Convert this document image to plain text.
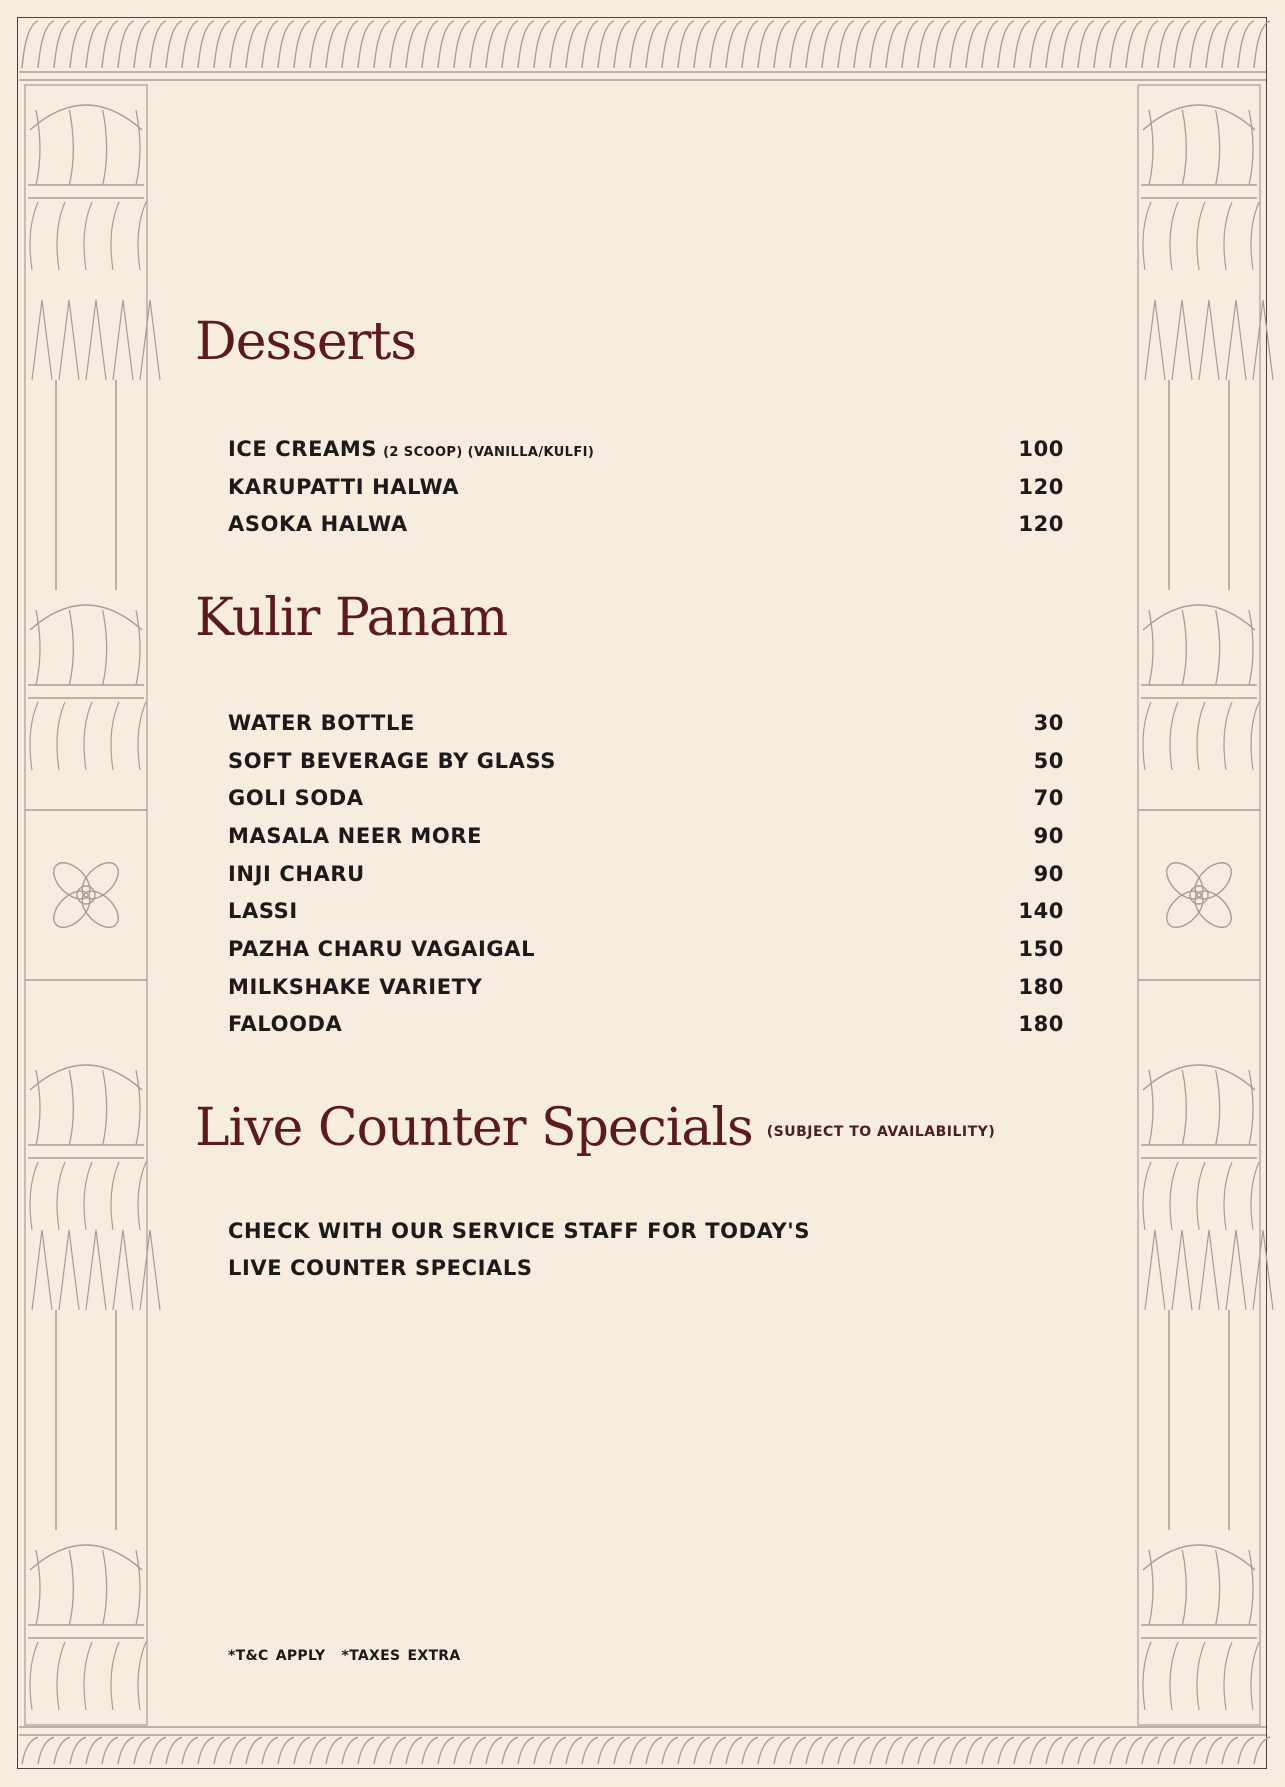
Desserts
ICE CREAMS (2 SCOOP) (VANILLA/KULFI)	100
KARUPATTI HALWA	120
ASOKA HALWA	120
Kulir Panam
WATER BOTTLE	30
SOFT BEVERAGE BY GLASS	50
GOLI SODA	70
MASALA NEER MORE	90
INJI CHARU	90
LASSI	140
PAZHA CHARU VAGAIGAL	150
MILKSHAKE VARIETY	180
FALOODA	180
Live Counter Specials (SUBJECT TO AVAILABILITY)
CHECK WITH OUR SERVICE STAFF FOR TODAY'S
LIVE COUNTER SPECIALS
*T&C APPLY *TAXES EXTRA
